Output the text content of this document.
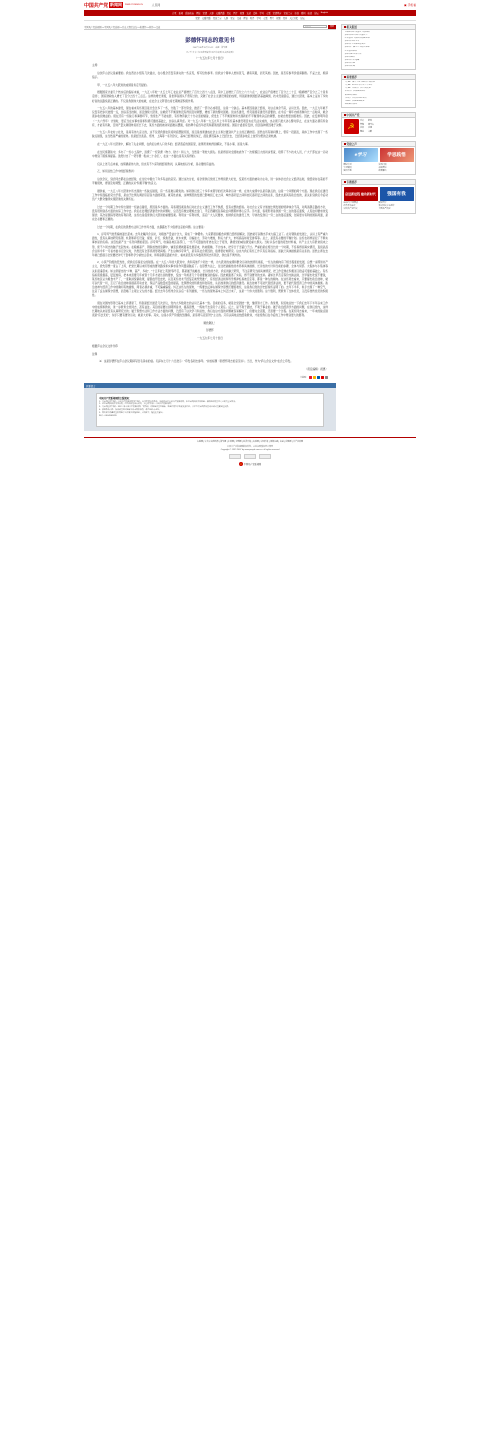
中国共产党 新闻网	WWW.CPCNEWS.CN	人民网	▣ 手机看
首页 新闻 高层动态 理论 党建 人事 反腐倡廉 党史 图片 视频 文献 资料 学习 专题 党建博客 党员之家 访谈 群团 统战 论坛 English
党建 反腐倡廉 党员之家 人事 党史 文献 理论 时评 学习 专题 图片 视频 党刊 人民日报 论坛
中国共产党新闻网>>中国共产党新闻>>历史人物纪念馆>>彭德怀>>著作>>文献
彭德怀	搜索
彭德怀同志的意见书
2007年08月13日 15:12　来源：新华网
【字号 大 中 小】【我要留言】【打印本页】【关闭本页】

（一九五九年七月十四日）

主席：

这次庐山会议是重要的。我在西北小组有几次插言，在小组会还没有讲完的一些意见，特写给你参考。但我这个简单人类似张飞，确有其粗，而无其细。因此，是否有参考价值请斟酌。不妥之处，烦请指示。

甲、一九五八年大跃进的成绩是肯定无疑的。

根据国家计委几个核实后的指标来看，一九五八年较一九五七年工农业总产值增长了百分之四十八点四，其中工业增长了百分之六十六点一，农业总产值增长了百分之二十五（粮棉增产百分之三十是肯定的），国家财政收入增长了百分之四十三点五。这样的增长速度，是世界各国从不曾有过的，突破了社会主义建设速度的成规，特别是像我国经济基础薄弱，技术设备落后，通过大跃进，基本上证实了多快好省的总路线是正确的。不仅是我国伟大的成就，在社会主义阵营也将长期地起积极作用。

一九五八年的基本建设，现在看来有些项目是过急过多了一些，分散了一部分资金，推迟了一部分必成项目，这是一个缺点。基本原因是缺乏经验，对这点体会不深，认识过迟。因此，一九五九年就不仅没有把步伐放慢一点，加以适当控制，而且继续大跃进，这就使不平衡现象没有得到及时调整，增加了新的暂时困难。但这些建设，终究是国家建设所需要的，在今后一两年内或者稍许长一点时间，就会逐步收到效益的。现在还有一些缺门和薄弱环节，致使生产不能成套，有些物资缺乏十分必需的储备，使发生了不平衡现象和出现新的不平衡现象以后的调整，也就自然更加困难些。因此，在安排明年度（一九六零年）计划时，更应当在实事求是和积极可靠的基础上，加以认真考虑。对一九五八年和一九五九年上半年有些基本建设项目实在无法完成的，也必须下最大决心暂时停止，在这方面必须有所舍弃，才能有所取，否则产量失调现象将延长下去，某些方面的被动局面难以摆脱，将妨碍今后四年赶英和超英的跃进速度。国家计委虽有安排，但因各种原因难于决断。

一九五八年农村公社化，是具有伟大意义的，这不仅使我国农民将彻底摆脱穷困，而且是加速建成社会主义和过渡到共产主义的正确途径。虽然在所有制问题上，曾有一段混乱，具体工作中出现了一些缺点错误，这当然是严重的现象。但是经过武昌、郑州、上海等一系列会议，基本已经得到纠正，混乱情况基本上已经过去，已经逐步地走上按劳分配的正常轨道。

在一九五八年大跃进中，解决了失业问题，在我们这样人口众多的、经济落后的国家里，能够迅速地得到解决，不是小事，而是大事。

在全民炼钢铁中，多办了一些小土高炉，浪费了一些资源（物力、财力）和人力，当然是一笔较大损失。但是得到对全国地质作了一次规模巨大的初步普查，培养了不少技术人员，广大干部在这一运动中得到了锻炼和提高。虽然付出了一笔学费（贴补二十余亿），在这一方面也是有失有得的。

仅从上述几点来看，成绩确是伟大的，但也有不少深刻的经验教训，认真地加以分析，是必要的有益的。

乙、如何总结工作中的经验教训：

这次会议，到会同志都在总结经验，在讨论中提出了许多有益的意见。通过这次讨论，将会使我们党的工作得到很大好处，变某些方面的被动为主动，进一步体会社会主义经济法则，使经常存在着的不平衡现象，得到及时调整，正确的认识"积极平衡"的意义。

据我看，一九五八年大跃进中所出现的一些缺点错误，有一些是难以避免的。如同我们党三十多年来领导的历次革命运动一样，在伟大成绩中总是有缺点的，这是一个问题的两个方面。现在我们在建设工作中所面临的突出矛盾，是由于比例失调而引起各方面的紧张。就其性质看，这种情况的发展已影响到工农之间、城市各阶层之间和农民各阶层之间的关系，因此也是具有政治性的，是关系到我们今后动员广大群众继续实现跃进的关键所在。

过去一个时期工作中所出现的一些缺点错误，原因是多方面的。其客观因素是我们对社会主义建设工作不熟悉，没有完整的经验。对社会主义有计划按比例发展的规律体会不深，对两条腿走路的方针，没有贯彻到各方面的实际工作中去。我们在处理经济建设中的问题时，总还没有像处理炮击金门、平定西藏叛乱等政治问题那样得心应手。另方面，客观形势是我国一穷二白的落后面貌，人民迫切要求改变现状；其次是国际形势的有利趋势，这些也是促使我们大跃进的重要因素。利用这一有利时机，适应广大人民要求，加速我们的建设工作，尽快改变我们一穷二白的落后面貌，创造更为有利的国际局面，是完全必要和正确的。

过去一个时期，在我们的思想方法和工作作风方面，也暴露出不少值得注意的问题。这主要是：

1、浮夸风气较普遍地滋长起来。去年北戴河会议时，对粮食产量估计过大，造成了一种假象。大家都感到粮食问题已经得到解决，因此就可以腾出手来大搞工业了。在对钢铁的发展上，认识上有严重片面性，没有认真地研究炼钢、轧钢和碎石设备，煤炭、矿石、炼焦设备，坑木来源，运输能力，劳动力增加，购买力扩大，市场商品如何安排等等。总之，是没有必要的平衡计划。这些也同样是犯了不够实事求是的毛病。这恐怕是产生一系列问题的起因。浮夸风气，吹遍各地区各部门，一些不可置信的奇迹也见之于报刊，确使党的威信蒙受重大损失。当时从各方面的报告材料看，共产主义大有很快到来之势，使不少同志的脑子发起热来。在粮棉高产、钢铁加倍的浪潮中，铺张浪费就随着发展起来，秋收粗糙，不计成本，把穷日子当富日子过。严重的是在相当长的一个时期，不容易得到真实情况，直到武昌会议和今年一月省市委书记会议时，仍然没有全部弄清形势真相。产生这种浮夸风气，是有其社会原因的，值得很好地研究。这也与我们有些工作只有任务指标，而缺乏具体措施是有关系的。虽然主席在去年就已经提示全党要把冲天干劲和科学分析结合起来，和两条腿走路的方针，看来是没有为多数领导同志所领会，我也是不例外的。

2、小资产阶级的狂热性，使我们容易犯左的错误。在一九五八年的大跃进中，我和其他不少同志一样，为大跃进的成绩和群众运动的热情所迷惑，一些左的倾向有了相当程度的发展，总想一步跨进共产主义，抢先思想一度占了上风，把党长期以来所形成的群众路线和实事求是作风置诸脑后了。在思想方法上，往往把战略性的布局和具体措施、长远性的方针和当前的步骤、全体与局部、大集体与小集体等关系混淆起来。如主席提出的"少种、高产、多收"、"十五年赶上英国"等号召，都是属于战略性、长远性的方针，我们则缺乏研究，不注意研究当前具体情况，把工作安排在积极而又稳妥可靠的基础上。有些指标逐级提高，层层加码，把本来需要几年或者十几年才能达到的要求，变成一年或者几个月就要做到的指标。因此就脱离了实际，得不到群众的支持。诸如过早否定等价交换法则，过早提出吃饭不要钱，某些地区认为粮食丰产了，一度取消统销政策，提倡放开肚皮吃，以及某些技术不经鉴定就贸然推广，有些经济法则和科学规律轻易被否定等，都是一种左的倾向。在这些同志看来，只要提出政治挂帅，就可以代替一切，忘记了政治挂帅是提高劳动自觉、保证产品数量质量的提高，发挥群众的积极性和创造性，从而加速我们的经济建设。政治挂帅不可能代替经济法则，更不能代替经济工作中的具体措施。政治挂帅与经济工作中的确切有效措施，两者必须并重，不可偏重偏废。纠正这些左的现象，一般要比反掉右倾保守思想还要困难些，这是我们党的历史经验所证明了的。去年下半年，似乎出现了一种空气，注意了反右倾保守思想，而忽略了主观主义左的方面。经过去年冬郑州会议以后一系列措施，一些左的现象基本上纠正过来了，这是一个伟大的胜利。这个胜利，既教育了全体党员，又没有挫伤党员的积极性。

现在对国内形势已基本上弄清楚了，特别是经过最近几次会议，党内大多数同志的认识已基本一致。目前的任务，就是全党团结一致，继续努力工作。我觉得，系统地总结一下我们去年下半年以来工作中的成绩和教训，进一步教育全党同志，甚有益处。其目的是要达到明辨是非，提高思想，一般地不去追究个人责任。反之，是不利于团结，不利于事业的。属于政治经济学方面的问题，在我们党内，这样长期地以来是没有认真研究过的；属于思想方法和工作方法方面的问题，已经有了这次学习和总结，我们在这方面的问题就容易解决了，但要完全克服，还需要一个过程。在某些同志看来，一年来的缺点错误是"有比无好"，似乎只要有群众运动，就是大好事。其实，这是小资产阶级的急躁病，是违背马克思列宁主义的。只有认真地总结经验教训，才能使我们在今后的工作中得到更大的胜利。

顺致敬礼！

彭德怀

一九五九年七月十四日

根据庐山会议文件刊印

注释

〔1〕这是彭德怀在庐山会议期间写给毛泽东的信。毛泽东七月十六日批示："印发各同志参考。"并加标题《彭德怀同志的意见书》。当日，作为"庐山会议文件"在会上印发。

（责任编辑：祝惠）

分享到：
我要留言
中国共产党新闻网留言版须知：

1、凡本网注明"来源：中国共产党新闻网"或"来源：人民网"的所有作品，版权均属于中国共产党新闻网，未经本网授权不得转载、摘编或利用其它方式使用上述作品。

2、已经本网授权使用作品的，应在授权范围内使用，并注明"来源：中国共产党新闻网"。

3、凡本网注明"来源：XXX（非中国共产党新闻网）"的作品，均转载自其它媒体，转载目的在于传递更多信息，并不代表本网赞同其观点和对其真实性负责。

4、如因作品内容、版权和其它问题需要同本网联系的，请在30日内进行。

5、网友留言请遵守互联网电子公告服务管理规定，文明留言，理性发表意见。

电话：010-65363111

相关报道
· 毛泽东在庐山会议上的讲话
· 彭德怀同志在庐山会议上
· 庐山会议与彭德怀的意见书
· 彭德怀元帅生平
· 彭德怀与毛泽东的交往
· 彭德怀：横刀立马的大将军
· 庐山会议前后
· 彭德怀纪念馆开馆
· 彭德怀故居
· 彭德怀年谱选编
· 彭德怀自述
· 彭德怀传略
重要推荐
· 〔专题〕深入学习实践科学发展观
· 〔专题〕纪念改革开放三十周年
· 〔专题〕中国共产党历史展览
· 中国共产党新闻网简介
· 新闻背景资料
· 〔党史〕历史人物纪念馆
· 〔理论〕党建理论研究
· 网友留言热评
中国共产党
☭
历史	组织
章程	领导人
党员	党建
理论	文献
党建之声
e学习	学思践悟
理论学习	党员培训
学习强国	在线考试
资料下载	政策解读
专题推荐
奋进新征程 建功新时代	强国有我
2021年全国两会	建党百年
改革开放40年	新中国成立70周年
中国共产党历史	全面从严治党
人民网 | 中共中央组织部 | 新华网 | 中国网 | 光明网 | 经济日报 | 央视网 | 中国日报 | 国际在线 | 求是 | 党建网 | 共产党员网
中国共产党新闻网版权所有，未经书面授权禁止使用
Copyright © 1997-2007 by www.people.com.cn. all rights reserved
☭ 中国共产党新闻网
